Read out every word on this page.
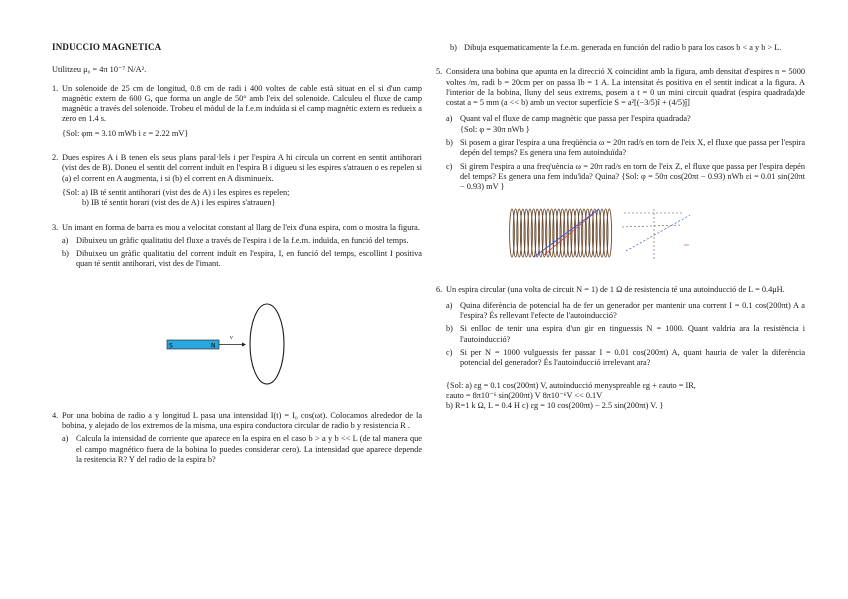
INDUCCIO MAGNETICA
Utilitzeu μ₀ = 4π 10⁻⁷ N/A².
1. Un solenoide de 25 cm de longitud, 0.8 cm de radi i 400 voltes de cable està situat en el si d'un camp magnètic extern de 600 G, que forma un angle de 50° amb l'eix del solenoide. Calculeu el fluxe de camp magnètic a través del solenoide. Trobeu el mòdul de la f.e.m induïda si el camp magnètic extern es redueix a zero en 1.4 s.
{Sol: φm = 3.10 mWb i ε = 2.22 mV}
2. Dues espires A i B tenen els seus plans paral·lels i per l'espira A hi circula un corrent en sentit antihorari (vist des de B). Doneu el sentit del corrent induït en l'espira B i digueu si les espires s'atrauen o es repelen si (a) el corrent en A augmenta, i si (b) el corrent en A disminueix.
{Sol: a) IB té sentit antihorari (vist des de A) i les espires es repelen;
b) IB té sentit horari (vist des de A) i les espires s'atrauen}
3. Un imant en forma de barra es mou a velocitat constant al llarg de l'eix d'una espira, com o mostra la figura.
a) Dibuixeu un gràfic qualitatiu del fluxe a través de l'espira i de la f.e.m. induïda, en funció del temps.
b) Dibuixeu un gràfic qualitatiu del corrent induït en l'espira, I, en funció del temps, escollint I positiva quan té sentit antihorari, vist des de l'imant.
S	N
v
4. Por una bobina de radio a y longitud L pasa una intensidad I(t) = I₀ cos(ωt). Colocamos alrededor de la bobina, y alejado de los extremos de la misma, una espira conductora circular de radio b y resistencia R .
a) Calcula la intensidad de corriente que aparece en la espira en el caso b > a y b << L (de tal manera que el campo magnético fuera de la bobina lo puedes considerar cero). La intensidad que aparece depende la resitencia R? Y del radio de la espira b?
b) Dibuja esquematicamente la f.e.m. generada en función del radio b para los casos b < a y b > L.
5. Considera una bobina que apunta en la direcció X coincidint amb la figura, amb densitat d'espires n = 5000 voltes /m, radi b = 20cm per on passa Ib = 1 A. La intensitat és positiva en el sentit indicat a la figura. A l'interior de la bobina, lluny del seus extrems, posem a t = 0 un mini circuit quadrat (espira quadrada)de costat a = 5 mm (a << b) amb un vector superfície S = a²[(−3/5)î + (4/5)ĵ]
a) Quant val el fluxe de camp magnètic que passa per l'espira quadrada?
{Sol: φ = 30π nWb }
b) Si posem a girar l'espira a una freqüència ω = 20π rad/s en torn de l'eix X, el fluxe que passa per l'espira depén del temps? Es genera una fem autoinduïda?
c) Si girem l'espira a una freq'uència ω = 20π rad/s en torn de l'eix Z, el fluxe que passa per l'espira depén del temps? Es genera una fem indu'ïda? Quina? {Sol: φ = 50π cos(20πt − 0.93) nWb εi = 0.01 sin(20πt − 0.93) mV }
6. Un espira circular (una volta de circuit N = 1) de 1 Ω de resistencia té una autoinducció de L = 0.4μH.
a) Quina diferència de potencial ha de fer un generador per mantenir una corrent I = 0.1 cos(200πt) A a l'espira? És rellevant l'efecte de l'autoinducció?
b) Si enlloc de tenir una espira d'un gir en tinguessis N = 1000. Quant valdria ara la resistència i l'autoinducció?
c) Si per N = 1000 vulguessis fer passar I = 0.01 cos(200πt) A, quant hauria de valer la diferència potencial del generador? És l'autoinducció irrelevant ara?
{Sol: a) εg = 0.1 cos(200πt) V, autoinducció menyspreable εg + εauto = IR,
εauto = 8π10⁻⁶ sin(200πt) V 8π10⁻⁶V << 0.1V
b) R=1 k Ω, L = 0.4 H c) εg = 10 cos(200πt) − 2.5 sin(200πt) V. }
